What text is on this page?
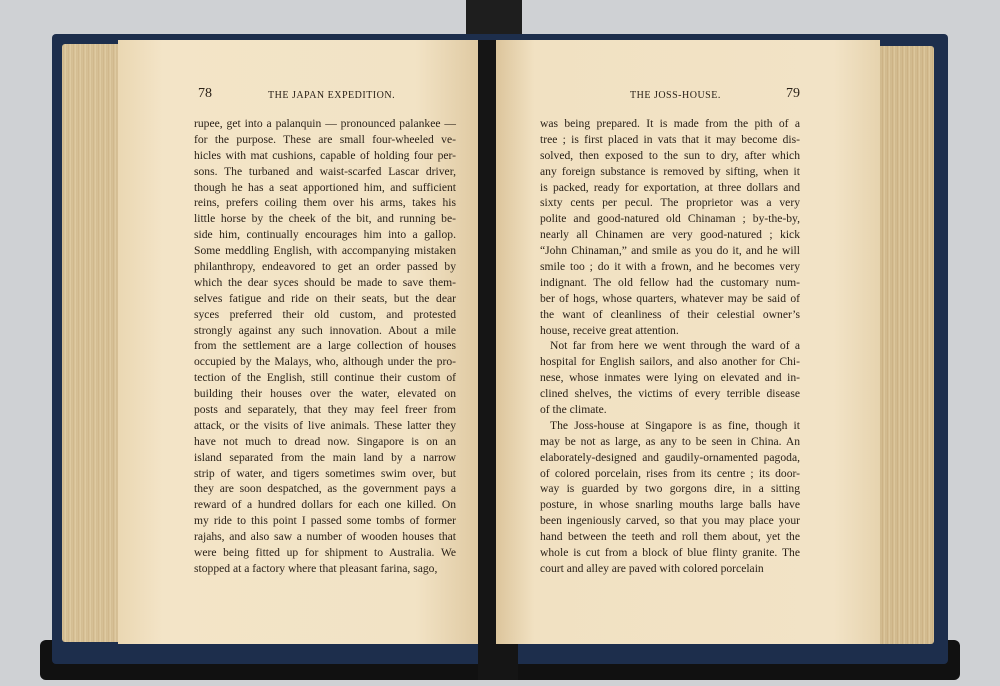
78	THE JAPAN EXPEDITION.
rupee, get into a palanquin — pronounced palankee —
for the purpose. These are small four-wheeled ve-
hicles with mat cushions, capable of holding four per-
sons. The turbaned and waist-scarfed Lascar driver,
though he has a seat apportioned him, and sufficient
reins, prefers coiling them over his arms, takes his
little horse by the cheek of the bit, and running be-
side him, continually encourages him into a gallop.
Some meddling English, with accompanying mistaken
philanthropy, endeavored to get an order passed by
which the dear syces should be made to save them-
selves fatigue and ride on their seats, but the dear
syces preferred their old custom, and protested
strongly against any such innovation. About a mile
from the settlement are a large collection of houses
occupied by the Malays, who, although under the pro-
tection of the English, still continue their custom of
building their houses over the water, elevated on
posts and separately, that they may feel freer from
attack, or the visits of live animals. These latter they
have not much to dread now. Singapore is on an
island separated from the main land by a narrow
strip of water, and tigers sometimes swim over, but
they are soon despatched, as the government pays a
reward of a hundred dollars for each one killed. On
my ride to this point I passed some tombs of former
rajahs, and also saw a number of wooden houses that
were being fitted up for shipment to Australia. We
stopped at a factory where that pleasant farina, sago,
THE JOSS-HOUSE.	79
was being prepared. It is made from the pith of a
tree ; is first placed in vats that it may become dis-
solved, then exposed to the sun to dry, after which
any foreign substance is removed by sifting, when it
is packed, ready for exportation, at three dollars and
sixty cents per pecul. The proprietor was a very
polite and good-natured old Chinaman ; by-the-by,
nearly all Chinamen are very good-natured ; kick
“John Chinaman,” and smile as you do it, and he will
smile too ; do it with a frown, and he becomes very
indignant. The old fellow had the customary num-
ber of hogs, whose quarters, whatever may be said of
the want of cleanliness of their celestial owner’s
house, receive great attention.
Not far from here we went through the ward of a
hospital for English sailors, and also another for Chi-
nese, whose inmates were lying on elevated and in-
clined shelves, the victims of every terrible disease
of the climate.
The Joss-house at Singapore is as fine, though it
may be not as large, as any to be seen in China. An
elaborately-designed and gaudily-ornamented pagoda,
of colored porcelain, rises from its centre ; its door-
way is guarded by two gorgons dire, in a sitting
posture, in whose snarling mouths large balls have
been ingeniously carved, so that you may place your
hand between the teeth and roll them about, yet the
whole is cut from a block of blue flinty granite. The
court and alley are paved with colored porcelain
